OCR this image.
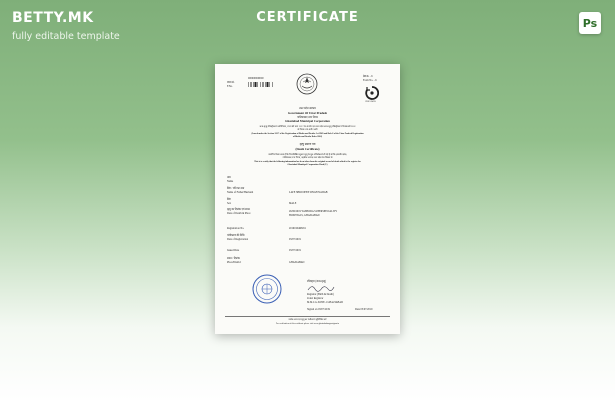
BETTY.MK
fully editable template
CERTIFICATE	Ps
प्रपत्र सं.
F.No.
000000000000
ग्रेड क्र. - 6
Form No. - 6
CRS LOGO
उत्तर प्रदेश सरकार
Government Of Uttar Pradesh
गाजियाबाद नगर निगम
Ghaziabad Municipal Corporation
जन्म-मृत्यु रजिस्ट्रीकरण अधिनियम, 1969 की धारा 12/17 के अंतर्गत एवं उत्तर प्रदेश जन्म-मृत्यु रजिस्ट्रीकरण नियमावली 2002
के नियम 8 के अधीन जारी
(Issued under the Section 12/17 of the Registration of Births and Deaths Act 1969 and Rule 8 of the Uttar Pradesh Registration
of Births and Deaths Rules 2002)
मृत्यु प्रमाण पत्र
(Death Certificate)
प्रमाणित किया जाता है कि निम्नलिखित सूचना मृत्यु के मूल अभिलेख से ली गई है जो कि (स्थानीय क्षेत्र)
गाजियाबाद नगर निगम, तहसील जनपद उत्तर प्रदेश के रजिस्टर से
This is to certify that the following information has been taken from the original record of death which is the register for
Ghaziabad Municipal Corporation Ward (U)
नाम
Name
लिंग / पति का नाम
Name of Father/Husband	LATE SHRI DEEP SINGH NAWAB
लिंग
Sex	MALE
मृत्यु का दिनांक एवं स्थान
Date of Death & Place
26/06/2019 YASHODA SUPERSPECIALITY
HOSPITALS, GHAZIABAD
Registration No.	2019010468291
पंजीकरण की तिथि
Date of Registration	03/07/2019
Issued Date	03/07/2019
स्थान / दिनांक
Place/District	GHAZIABAD
रजिस्ट्रार (जन्म-मृत्यु)
Registrar (Birth & Death)
Zonal Registrar
M.M.C.G.ZONE-1 GHAZIABAD
Signed on 03/07/2019	Date 03/07/2019
प्रत्येक जन्म एवं मृत्यु का पंजीकरण सुनिश्चित करें
For verification of this certificate please visit www.ghaziabadnagarnigam.in
